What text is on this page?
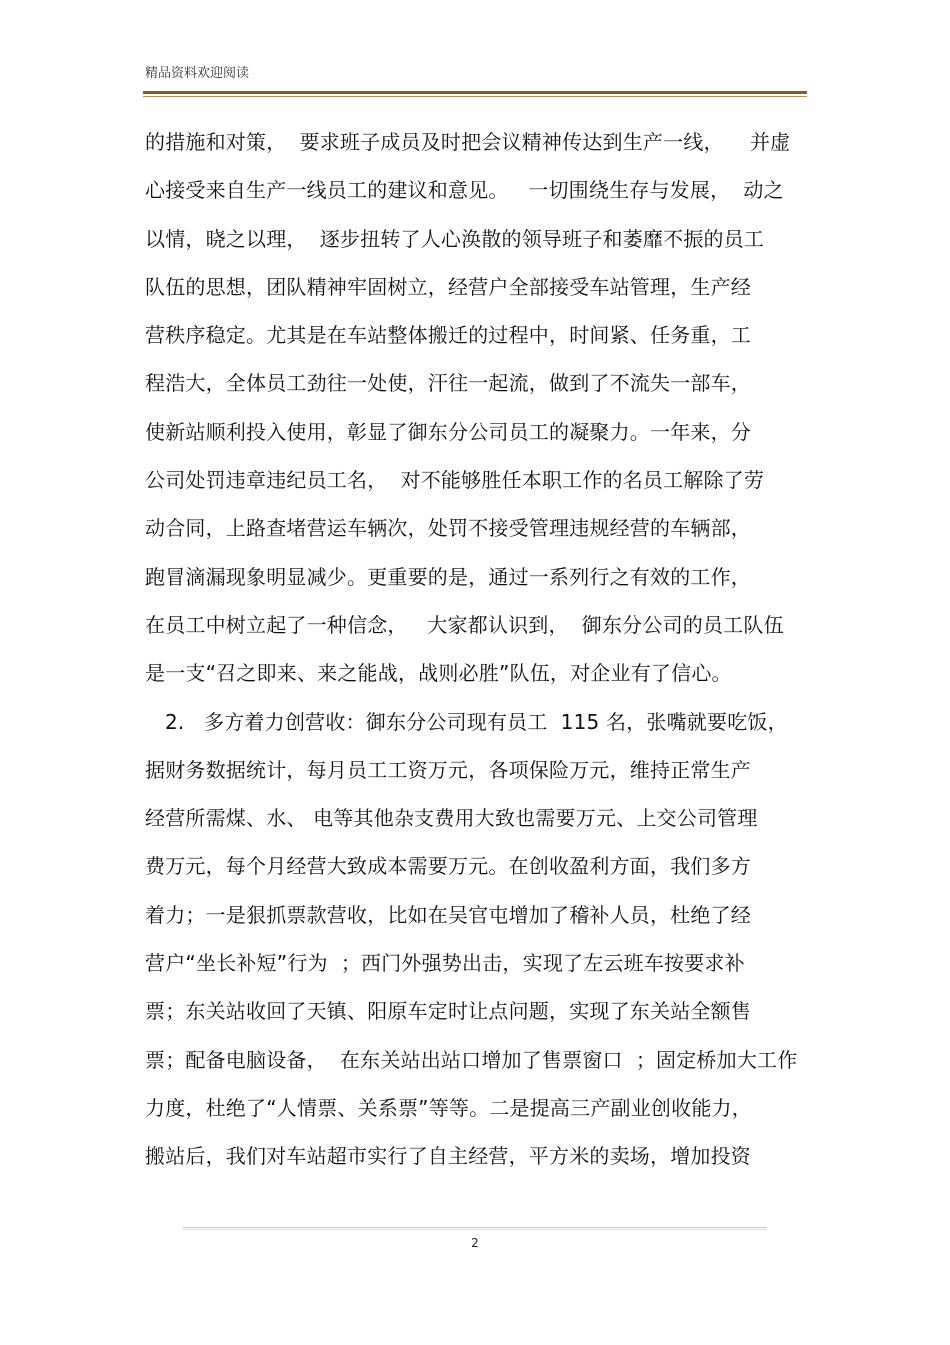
精品资料欢迎阅读
的措施和对策，  要求班子成员及时把会议精神传达到生产一线，    并虚
心接受来自生产一线员工的建议和意见。   一切围绕生存与发展，  动之
以情，晓之以理，  逐步扭转了人心涣散的领导班子和萎靡不振的员工
队伍的思想，团队精神牢固树立，经营户全部接受车站管理，生产经
营秩序稳定。尤其是在车站整体搬迁的过程中，时间紧、任务重，工
程浩大，全体员工劲往一处使，汗往一起流，做到了不流失一部车，
使新站顺利投入使用，彰显了御东分公司员工的凝聚力。一年来，分
公司处罚违章违纪员工名，  对不能够胜任本职工作的名员工解除了劳
动合同，上路查堵营运车辆次，处罚不接受管理违规经营的车辆部，
跑冒滴漏现象明显减少。更重要的是，通过一系列行之有效的工作，
在员工中树立起了一种信念，   大家都认识到，  御东分公司的员工队伍
是一支“召之即来、来之能战，战则必胜”队伍，对企业有了信心。
2.   多方着力创营收：御东分公司现有员工  115 名，张嘴就要吃饭，
据财务数据统计，每月员工工资万元，各项保险万元，维持正常生产
经营所需煤、水、 电等其他杂支费用大致也需要万元、上交公司管理
费万元，每个月经营大致成本需要万元。在创收盈利方面，我们多方
着力；一是狠抓票款营收，比如在吴官屯增加了稽补人员，杜绝了经
营户“坐长补短”行为  ；西门外强势出击，实现了左云班车按要求补
票；东关站收回了天镇、阳原车定时让点问题，实现了东关站全额售
票；配备电脑设备，  在东关站出站口增加了售票窗口  ；固定桥加大工作
力度，杜绝了“人情票、关系票”等等。二是提高三产副业创收能力，
搬站后，我们对车站超市实行了自主经营，平方米的卖场，增加投资
2
